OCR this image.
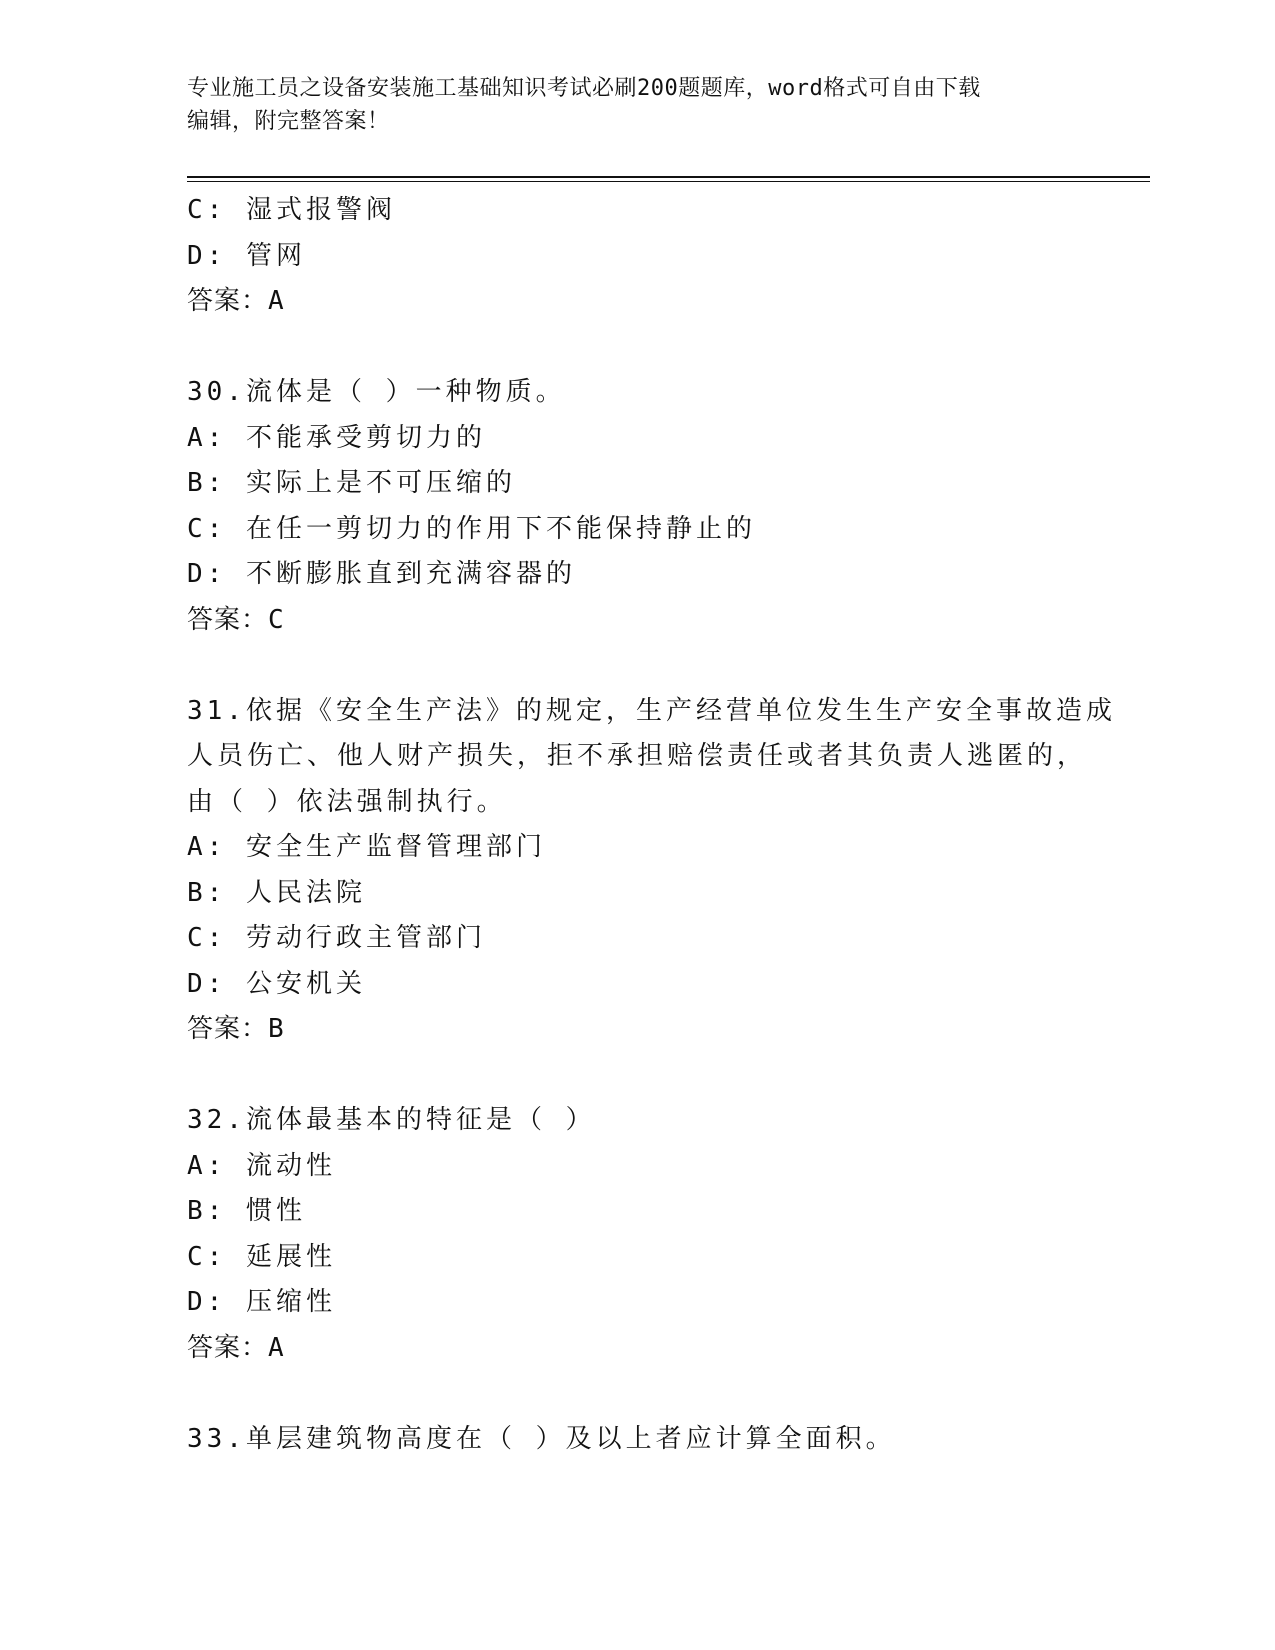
专业施工员之设备安装施工基础知识考试必刷200题题库，word格式可自由下载
编辑，附完整答案！
C: 湿式报警阀
D: 管网
答案：A
30.流体是（ ）一种物质。
A: 不能承受剪切力的
B: 实际上是不可压缩的
C: 在任一剪切力的作用下不能保持静止的
D: 不断膨胀直到充满容器的
答案：C
31.依据《安全生产法》的规定，生产经营单位发生生产安全事故造成
人员伤亡、他人财产损失，拒不承担赔偿责任或者其负责人逃匿的，
由（ ）依法强制执行。
A: 安全生产监督管理部门
B: 人民法院
C: 劳动行政主管部门
D: 公安机关
答案：B
32.流体最基本的特征是（ ）
A: 流动性
B: 惯性
C: 延展性
D: 压缩性
答案：A
33.单层建筑物高度在（ ）及以上者应计算全面积。
